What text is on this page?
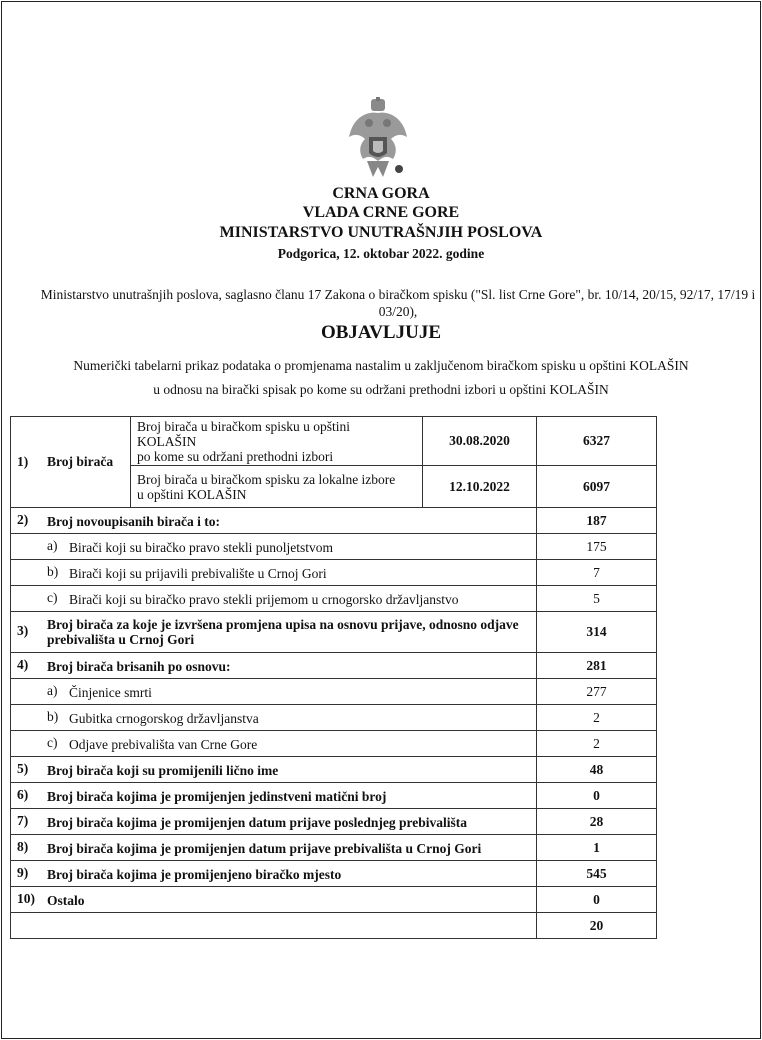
CRNA GORA
VLADA CRNE GORE
MINISTARSTVO UNUTRAŠNJIH POSLOVA
Podgorica, 12. oktobar 2022. godine
Ministarstvo unutrašnjih poslova, saglasno članu 17 Zakona o biračkom spisku ("Sl. list Crne Gore", br. 10/14, 20/15, 92/17, 17/19 i 03/20),
OBJAVLJUJE
Numerički tabelarni prikaz podataka o promjenama nastalim u zaključenom biračkom spisku u opštini KOLAŠIN
u odnosu na birački spisak po kome su održani prethodni izbori u opštini KOLAŠIN
1) Broj birača	Broj birača u biračkom spisku u opštini
KOLAŠIN
po kome su održani prethodni izbori	30.08.2020	6327
	Broj birača u biračkom spisku za lokalne izbore
u opštini KOLAŠIN	12.10.2022	6097
2) Broj novoupisanih birača i to:			187
a) Birači koji su biračko pravo stekli punoljetstvom			175
b) Birači koji su prijavili prebivalište u Crnoj Gori			7
c) Birači koji su biračko pravo stekli prijemom u crnogorsko državljanstvo			5
3) Broj birača za koje je izvršena promjena upisa na osnovu prijave, odnosno odjave prebivališta u Crnoj Gori			314
4) Broj birača brisanih po osnovu:			281
a) Činjenice smrti			277
b) Gubitka crnogorskog državljanstva			2
c) Odjave prebivališta van Crne Gore			2
5) Broj birača koji su promijenili lično ime			48
6) Broj birača kojima je promijenjen jedinstveni matični broj			0
7) Broj birača kojima je promijenjen datum prijave poslednjeg prebivališta			28
8) Broj birača kojima je promijenjen datum prijave prebivališta u Crnoj Gori			1
9) Broj birača kojima je promijenjeno biračko mjesto			545
10) Ostalo			0
			20
